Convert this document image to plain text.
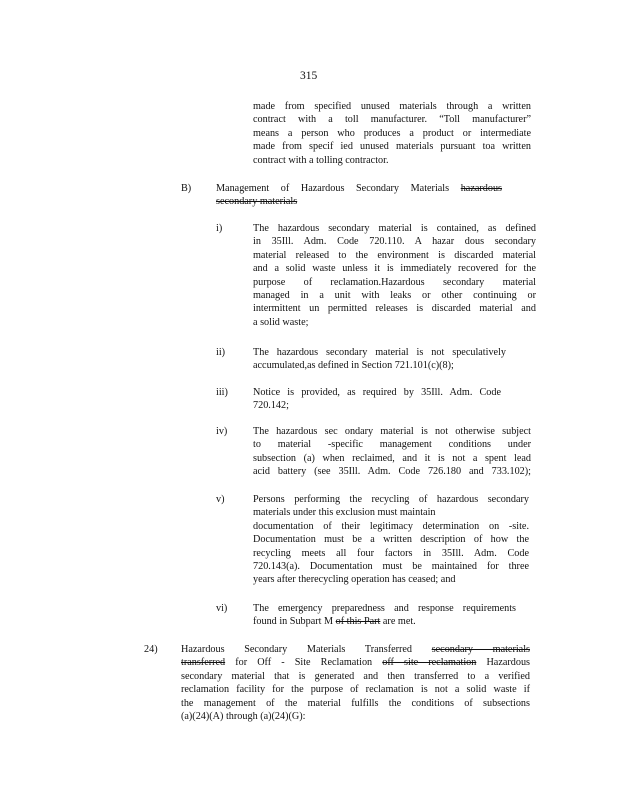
315
made from specified unused materials through a written
contract with a toll manufacturer. “Toll manufacturer”
means a person who produces a product or intermediate
made from specif ied unused materials pursuant toa written
contract with a tolling contractor.
B) Management of Hazardous Secondary Materials hazardous
secondary materials
i)	The hazardous secondary material is contained, as defined
in 35Ill. Adm. Code 720.110. A hazar dous secondary
material released to the environment is discarded material
and a solid waste unless it is immediately recovered for the
purpose of reclamation.Hazardous secondary material
managed in a unit with leaks or other continuing or
intermittent un permitted releases is discarded material and
a solid waste;
ii)	The hazardous secondary material is not speculatively
accumulated,as defined in Section 721.101(c)(8);
iii) Notice is provided, as required by 35Ill. Adm. Code
720.142;
iv)	The hazardous sec ondary material is not otherwise subject
to material -specific management conditions under
subsection (a) when reclaimed, and it is not a spent lead
acid battery (see 35Ill. Adm. Code 726.180 and 733.102);
v)	Persons performing the recycling of hazardous secondary
materials under this exclusion must maintain
documentation of their legitimacy determination on -site.
Documentation must be a written description of how the
recycling meets all four factors in 35Ill. Adm. Code
720.143(a). Documentation must be maintained for three
years after therecycling operation has ceased; and
vi)	The emergency preparedness and response requirements
found in Subpart M of this Part are met.
24) Hazardous Secondary Materials Transferred secondary materials
transferred for Off - Site Reclamation off site reclamation Hazardous
secondary material that is generated and then transferred to a verified
reclamation facility for the purpose of reclamation is not a solid waste if
the management of the material fulfills the conditions of subsections
(a)(24)(A) through (a)(24)(G):
